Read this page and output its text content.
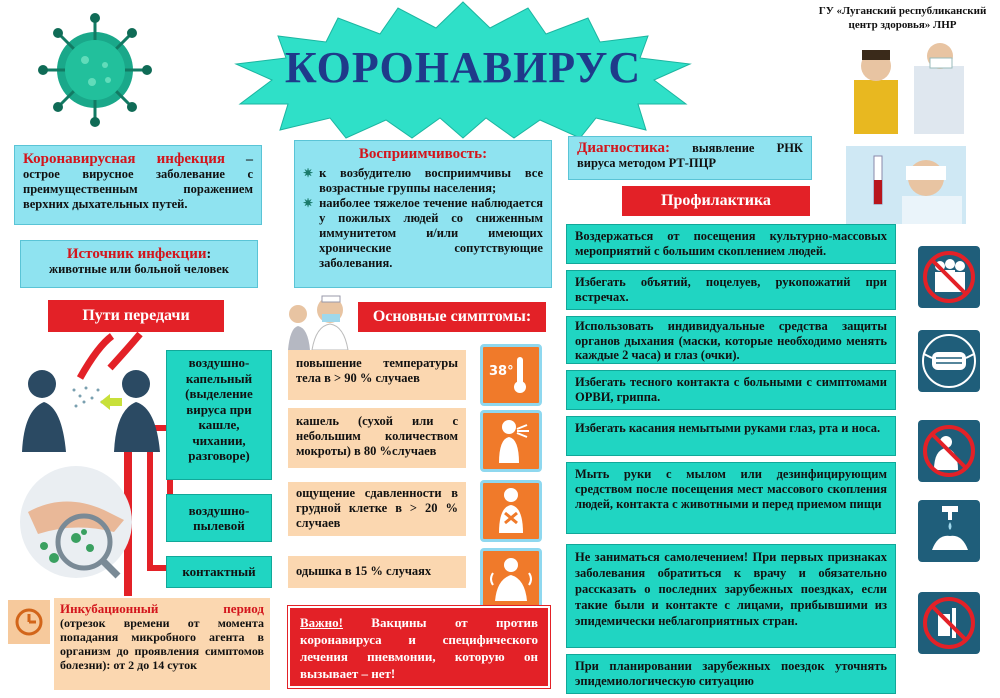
КОРОНАВИРУС
ГУ «Луганский республиканский
центр здоровья» ЛНР
Коронавирусная инфекция – острое вирусное заболевание с преимущественным поражением верхних дыхательных путей.
Источник инфекции:
животные или больной человек
Восприимчивость:
✷ к возбудителю восприимчивы все возрастные группы населения;
✷ наиболее тяжелое течение наблюдается у пожилых людей со сниженным иммунитетом и/или имеющих хронические сопутствующие заболевания.
Пути передачи
воздушно-капельный (выделение вируса при кашле, чихании, разговоре)
воздушно-пылевой
контактный
Инкубационный период
(отрезок времени от момента попадания микробного агента в организм до проявления симптомов болезни): от 2 до 14 суток
Основные симптомы:
повышение температуры тела в > 90 % случаев
кашель (сухой или с небольшим количеством мокроты) в 80 %случаев
ощущение сдавленности в грудной клетке в > 20 % случаев
одышка в 15 % случаях
38°
Важно! Вакцины от против коронавируса и специфического лечения пневмонии, которую он вызывает – нет!
Диагностика: выявление РНК вируса методом РТ-ПЦР
Профилактика
Воздержаться от посещения культурно-массовых мероприятий с большим скоплением людей.
Избегать объятий, поцелуев, рукопожатий при встречах.
Использовать индивидуальные средства защиты органов дыхания (маски, которые необходимо менять каждые 2 часа) и глаз (очки).
Избегать тесного контакта с больными с симптомами ОРВИ, гриппа.
Избегать касания немытыми руками глаз, рта и носа.
Мыть руки с мылом или дезинфицирующим средством после посещения мест массового скопления людей, контакта с животными и перед приемом пищи
Не заниматься самолечением! При первых признаках заболевания обратиться к врачу и обязательно рассказать о последних зарубежных поездках, если такие были и контакте с лицами, прибывшими из эпидемически неблагоприятных стран.
При планировании зарубежных поездок уточнять эпидемиологическую ситуацию
